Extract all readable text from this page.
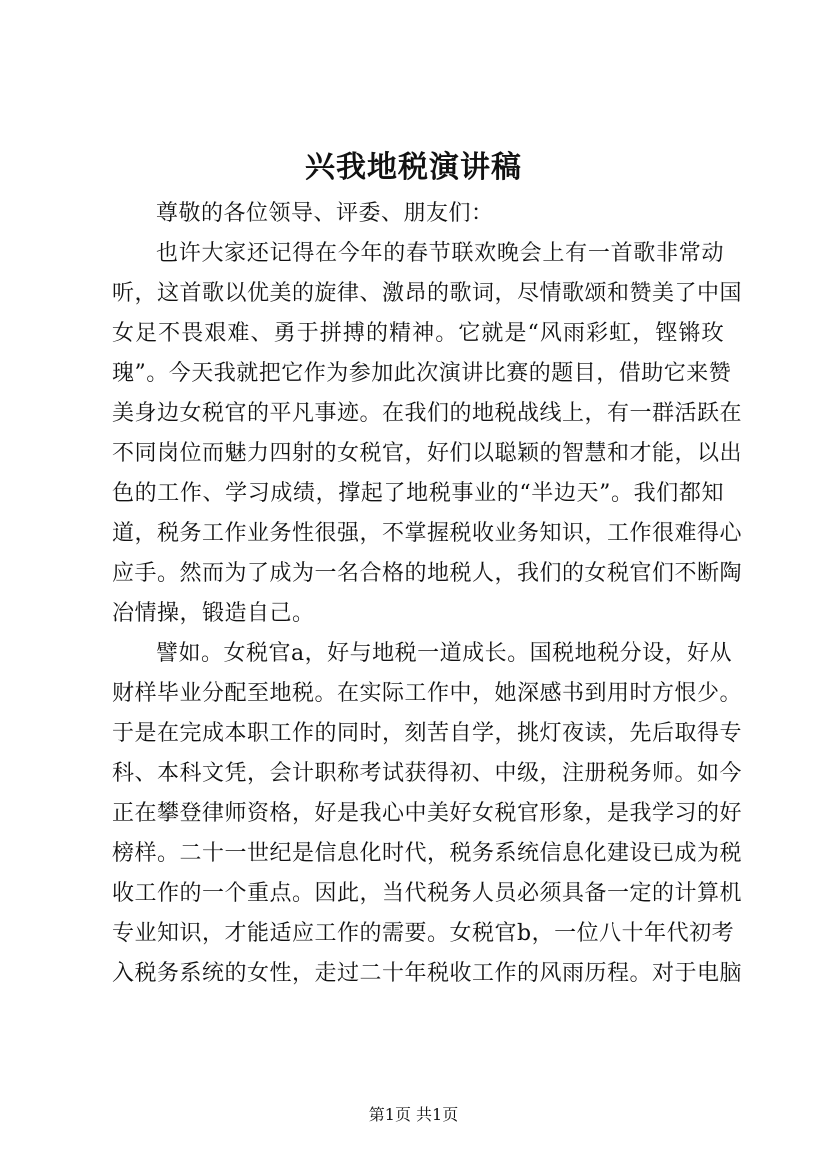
兴我地税演讲稿
尊敬的各位领导、评委、朋友们：
也许大家还记得在今年的春节联欢晚会上有一首歌非常动
听，这首歌以优美的旋律、激昂的歌词，尽情歌颂和赞美了中国
女足不畏艰难、勇于拼搏的精神。它就是“风雨彩虹，铿锵玫
瑰”。今天我就把它作为参加此次演讲比赛的题目，借助它来赞
美身边女税官的平凡事迹。在我们的地税战线上，有一群活跃在
不同岗位而魅力四射的女税官，好们以聪颖的智慧和才能，以出
色的工作、学习成绩，撑起了地税事业的“半边天”。我们都知
道，税务工作业务性很强，不掌握税收业务知识，工作很难得心
应手。然而为了成为一名合格的地税人，我们的女税官们不断陶
冶情操，锻造自己。
譬如。女税官a，好与地税一道成长。国税地税分设，好从
财样毕业分配至地税。在实际工作中，她深感书到用时方恨少。
于是在完成本职工作的同时，刻苦自学，挑灯夜读，先后取得专
科、本科文凭，会计职称考试获得初、中级，注册税务师。如今
正在攀登律师资格，好是我心中美好女税官形象，是我学习的好
榜样。二十一世纪是信息化时代，税务系统信息化建设已成为税
收工作的一个重点。因此，当代税务人员必须具备一定的计算机
专业知识，才能适应工作的需要。女税官b，一位八十年代初考
入税务系统的女性，走过二十年税收工作的风雨历程。对于电脑
第1页 共1页
